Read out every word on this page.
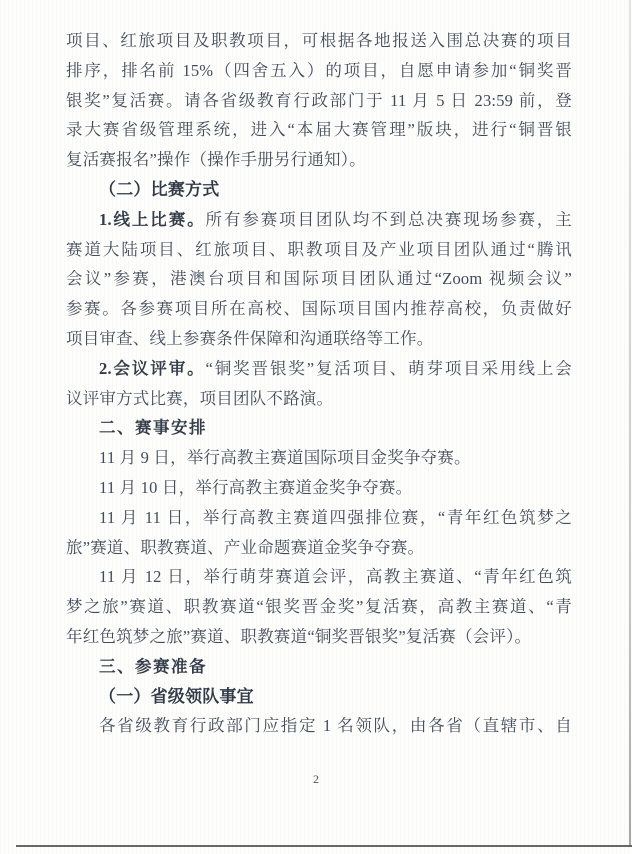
项目、红旅项目及职教项目，可根据各地报送入围总决赛的项目
排序，排名前 15%（四舍五入）的项目，自愿申请参加“铜奖晋
银奖”复活赛。请各省级教育行政部门于 11 月 5 日 23:59 前，登
录大赛省级管理系统，进入“本届大赛管理”版块，进行“铜晋银
复活赛报名”操作（操作手册另行通知）。
（二）比赛方式
1.线上比赛。所有参赛项目团队均不到总决赛现场参赛，主
赛道大陆项目、红旅项目、职教项目及产业项目团队通过“腾讯
会议”参赛，港澳台项目和国际项目团队通过“Zoom 视频会议”
参赛。各参赛项目所在高校、国际项目国内推荐高校，负责做好
项目审查、线上参赛条件保障和沟通联络等工作。
2.会议评审。“铜奖晋银奖”复活项目、萌芽项目采用线上会
议评审方式比赛，项目团队不路演。
二、赛事安排
11 月 9 日，举行高教主赛道国际项目金奖争夺赛。
11 月 10 日，举行高教主赛道金奖争夺赛。
11 月 11 日，举行高教主赛道四强排位赛，“青年红色筑梦之
旅”赛道、职教赛道、产业命题赛道金奖争夺赛。
11 月 12 日，举行萌芽赛道会评，高教主赛道、“青年红色筑
梦之旅”赛道、职教赛道“银奖晋金奖”复活赛，高教主赛道、“青
年红色筑梦之旅”赛道、职教赛道“铜奖晋银奖”复活赛（会评）。
三、参赛准备
（一）省级领队事宜
各省级教育行政部门应指定 1 名领队，由各省（直辖市、自
2
